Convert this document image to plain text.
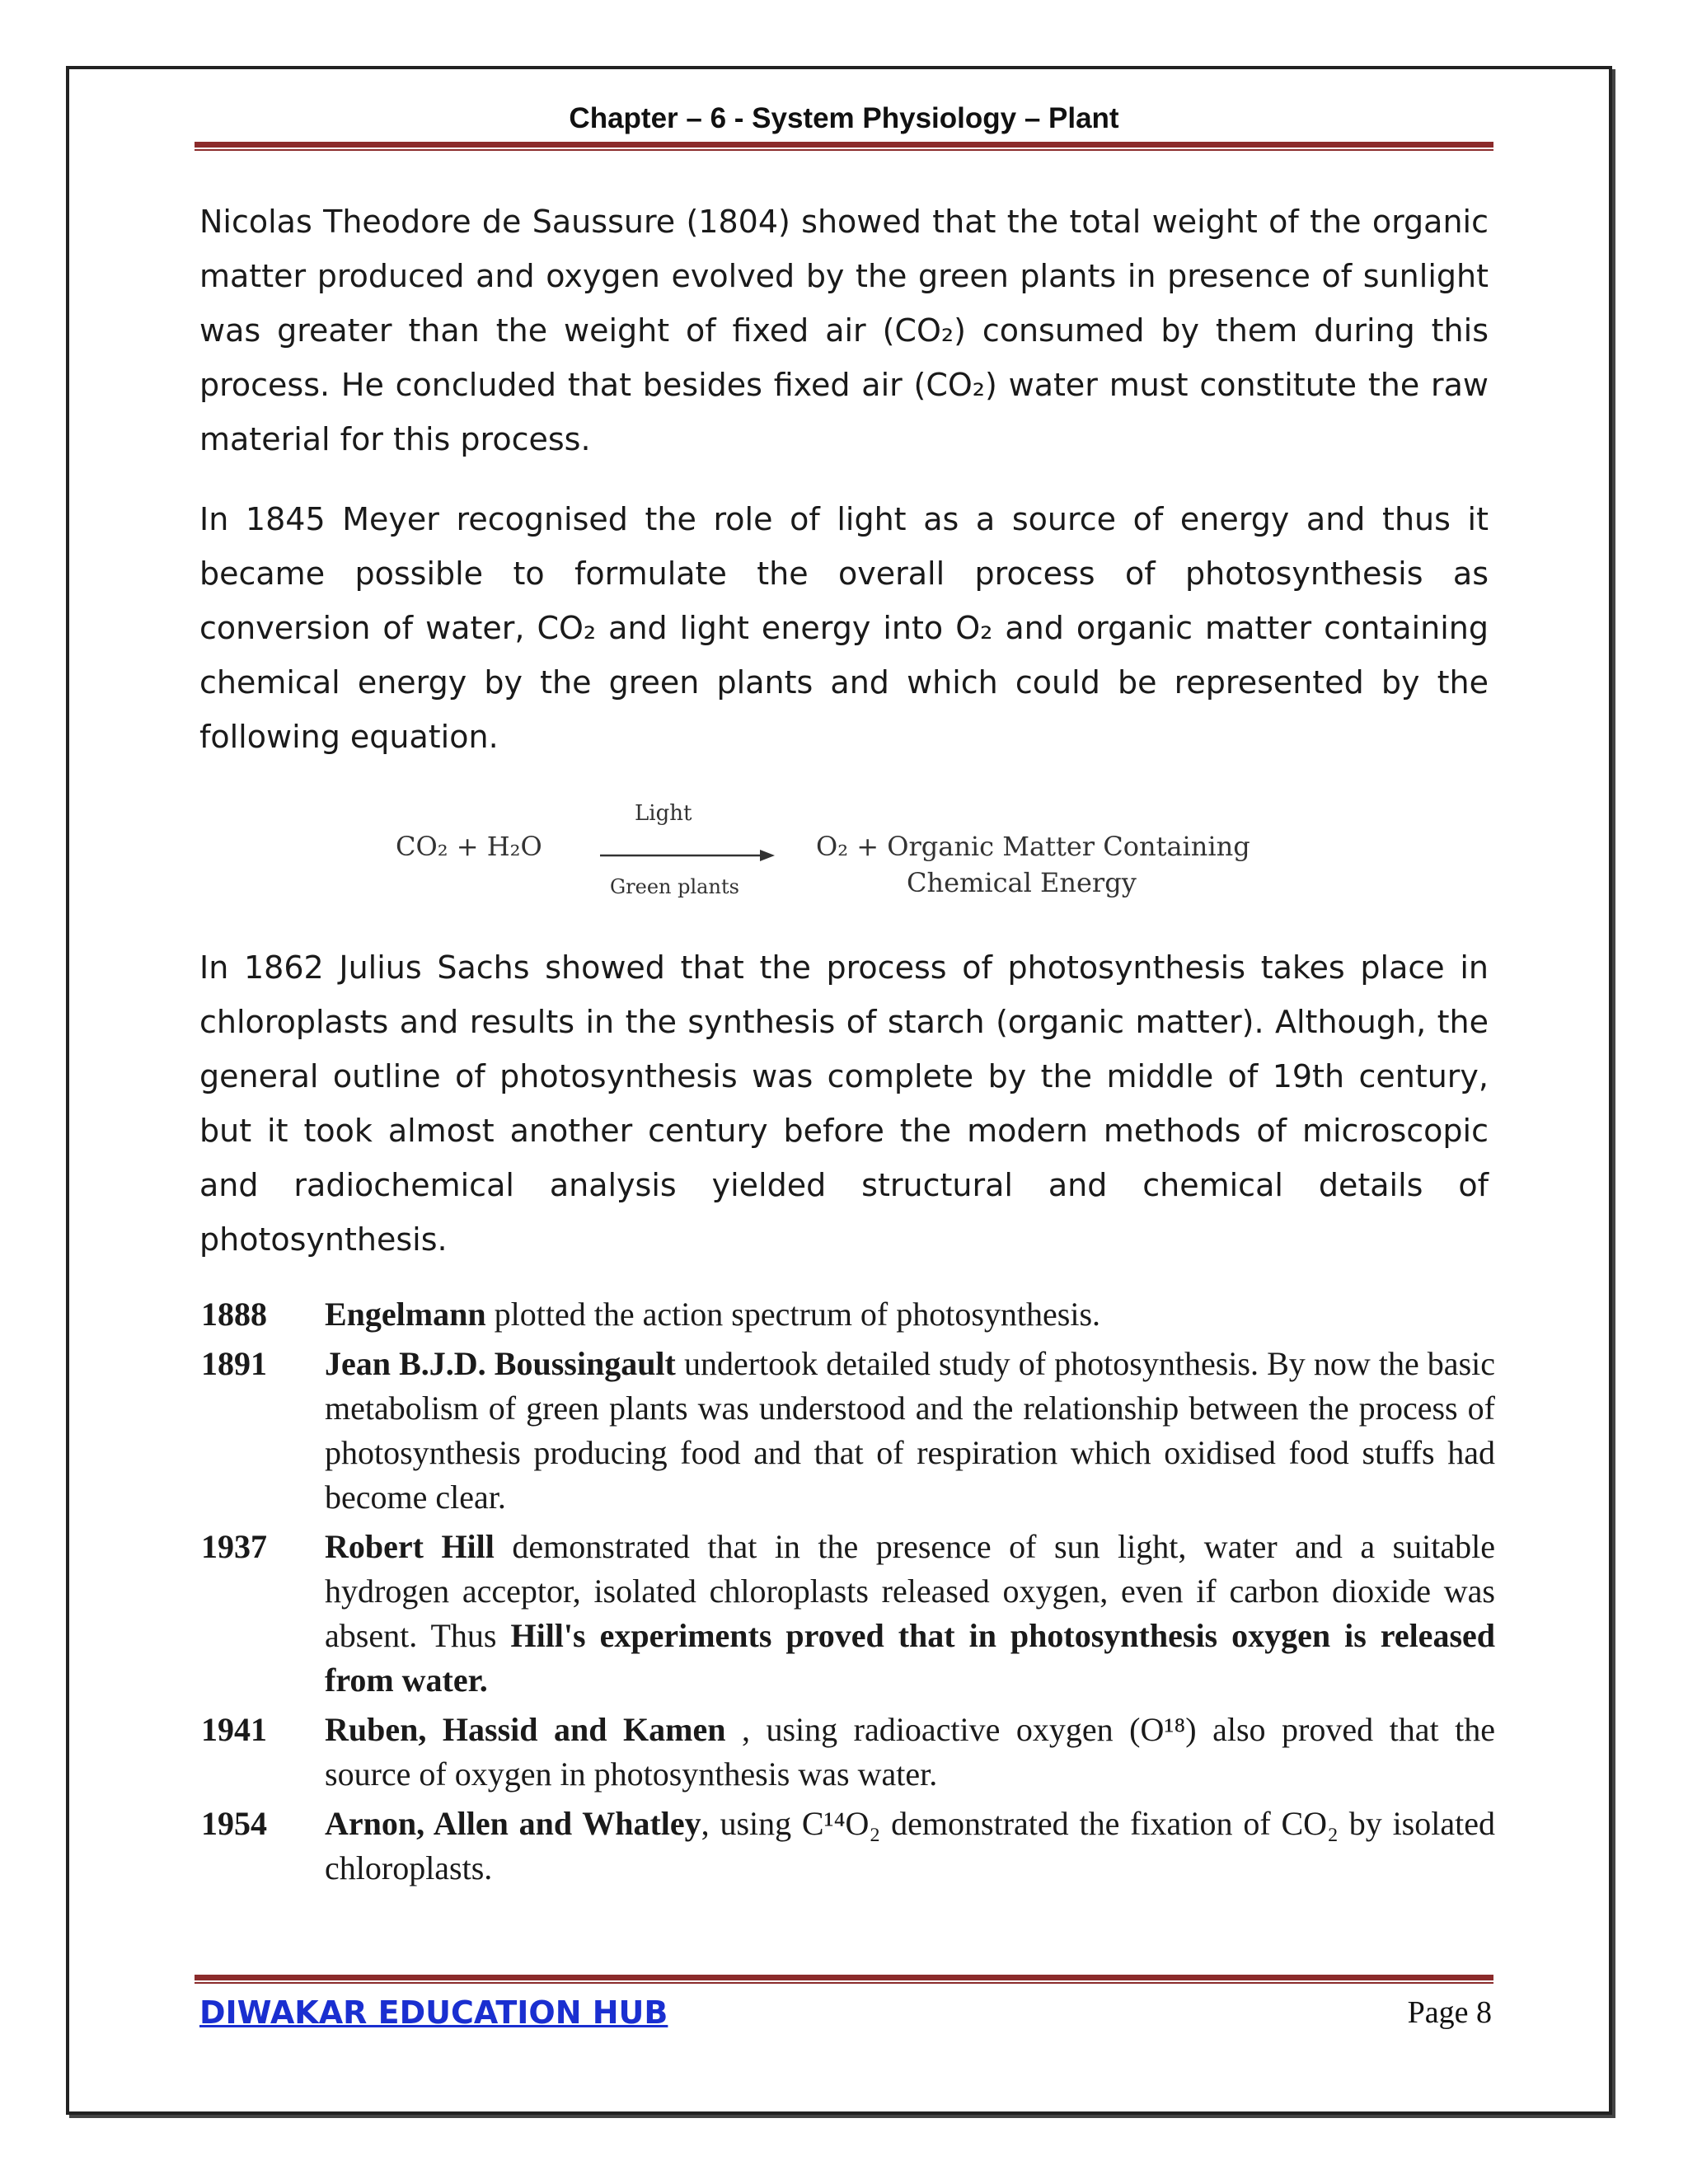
Chapter – 6 - System Physiology – Plant

Nicolas Theodore de Saussure (1804) showed that the total weight of the organic matter produced and oxygen evolved by the green plants in presence of sunlight was greater than the weight of fixed air (CO₂) consumed by them during this process. He concluded that besides fixed air (CO₂) water must constitute the raw material for this process.

In 1845 Meyer recognised the role of light as a source of energy and thus it became possible to formulate the overall process of photosynthesis as conversion of water, CO₂ and light energy into O₂ and organic matter containing chemical energy by the green plants and which could be represented by the following equation.

CO₂ + H₂O
Light
Green plants
O₂ + Organic Matter Containing
Chemical Energy

In 1862 Julius Sachs showed that the process of photosynthesis takes place in chloroplasts and results in the synthesis of starch (organic matter). Although, the general outline of photosynthesis was complete by the middle of 19th century, but it took almost another century before the modern methods of microscopic and radiochemical analysis yielded structural and chemical details of photosynthesis.

1888	Engelmann plotted the action spectrum of photosynthesis.
1891	Jean B.J.D. Boussingault undertook detailed study of photosynthesis. By now the basic metabolism of green plants was understood and the relationship between the process of photosynthesis producing food and that of respiration which oxidised food stuffs had become clear.
1937	Robert Hill demonstrated that in the presence of sun light, water and a suitable hydrogen acceptor, isolated chloroplasts released oxygen, even if carbon dioxide was absent. Thus Hill's experiments proved that in photosynthesis oxygen is released from water.
1941	Ruben, Hassid and Kamen , using radioactive oxygen (O¹⁸) also proved that the source of oxygen in photosynthesis was water.
1954	Arnon, Allen and Whatley, using C¹⁴O₂ demonstrated the fixation of CO₂ by isolated chloroplasts.
DIWAKAR EDUCATION HUB	Page 8
